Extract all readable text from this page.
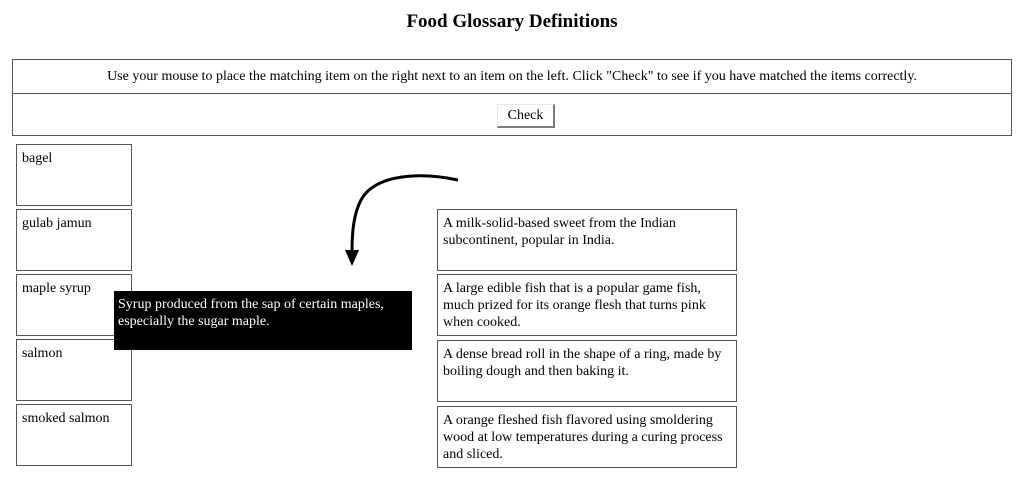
Food Glossary Definitions
Use your mouse to place the matching item on the right next to an item on the left. Click "Check" to see if you have matched the items correctly.
Check
bagel
gulab jamun
maple syrup
salmon
smoked salmon
A milk-solid-based sweet from the Indian subcontinent, popular in India.
A large edible fish that is a popular game fish, much prized for its orange flesh that turns pink when cooked.
A dense bread roll in the shape of a ring, made by boiling dough and then baking it.
A orange fleshed fish flavored using smoldering wood at low temperatures during a curing process and sliced.
Syrup produced from the sap of certain maples, especially the sugar maple.
